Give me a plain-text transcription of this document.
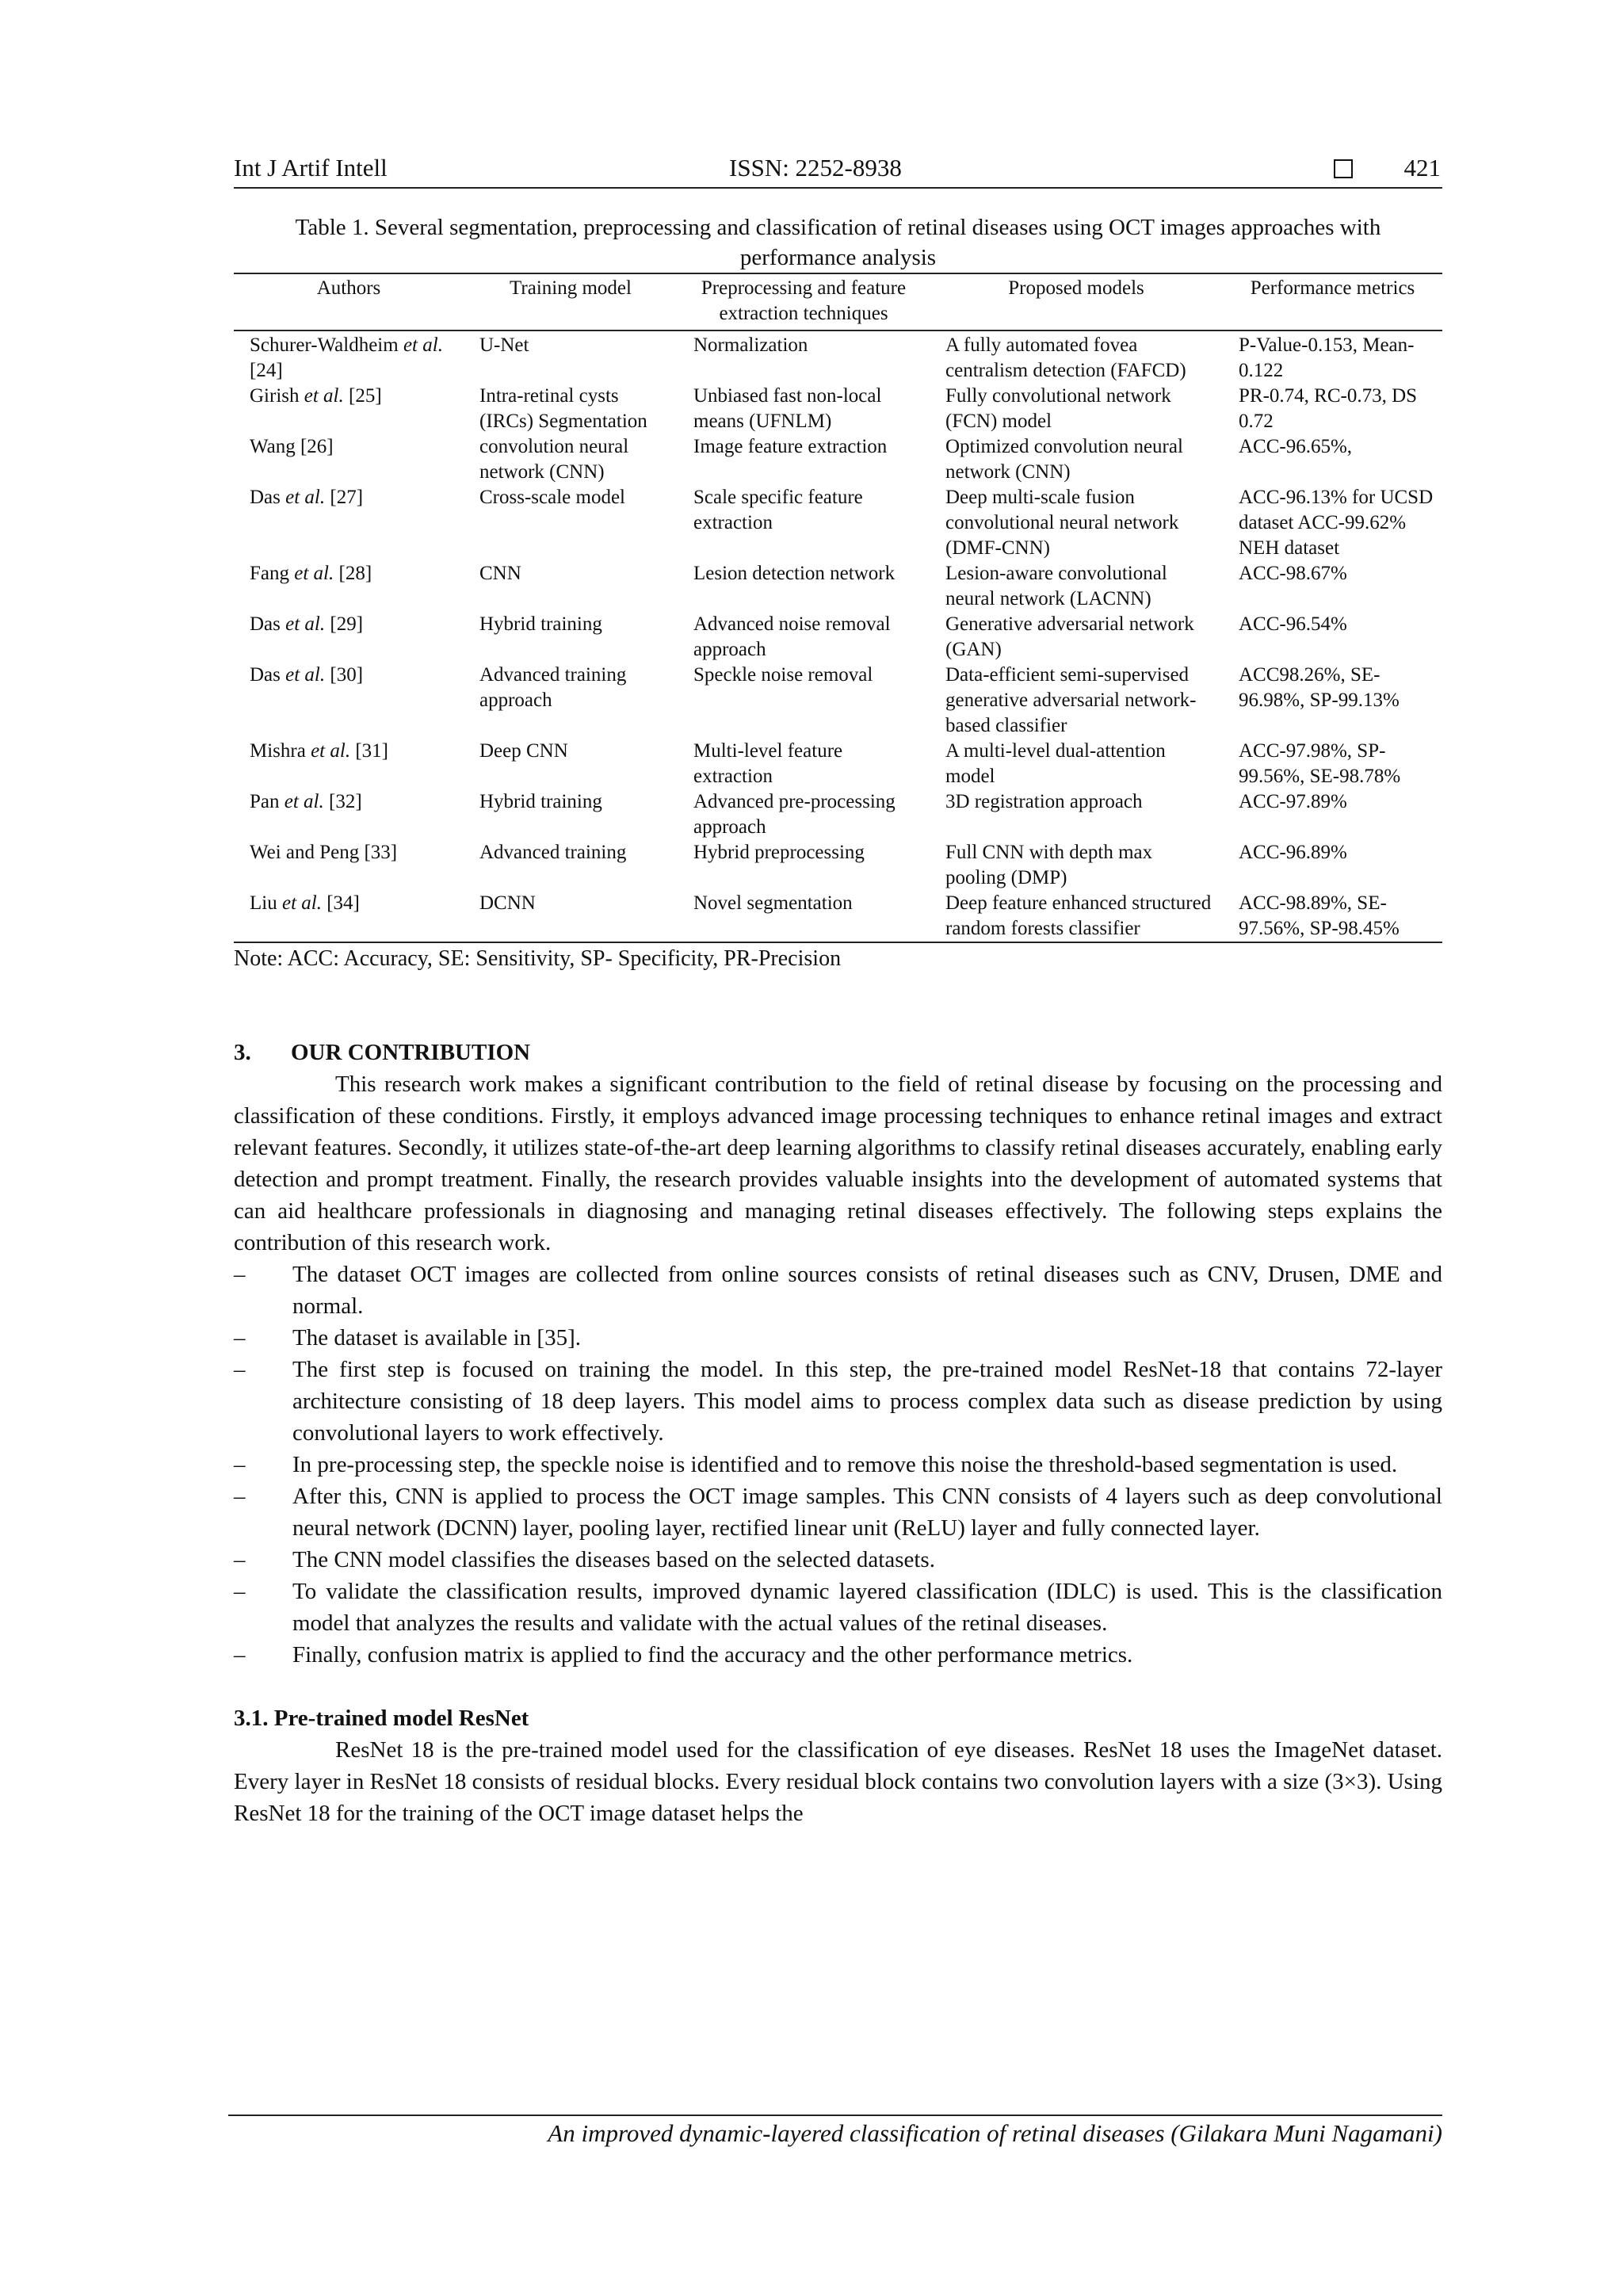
Int J Artif Intell	ISSN: 2252-8938	421
Table 1. Several segmentation, preprocessing and classification of retinal diseases using OCT images approaches with performance analysis
Authors	Training model	Preprocessing and feature extraction techniques	Proposed models	Performance metrics
Schurer-Waldheim et al. [24]	U-Net	Normalization	A fully automated fovea centralism detection (FAFCD)	P-Value-0.153, Mean-0.122
Girish et al. [25]	Intra-retinal cysts (IRCs) Segmentation	Unbiased fast non-local means (UFNLM)	Fully convolutional network (FCN) model	PR-0.74, RC-0.73, DS 0.72
Wang [26]	convolution neural network (CNN)	Image feature extraction	Optimized convolution neural network (CNN)	ACC-96.65%,
Das et al. [27]	Cross-scale model	Scale specific feature extraction	Deep multi-scale fusion convolutional neural network (DMF-CNN)	ACC-96.13% for UCSD dataset ACC-99.62% NEH dataset
Fang et al. [28]	CNN	Lesion detection network	Lesion-aware convolutional neural network (LACNN)	ACC-98.67%
Das et al. [29]	Hybrid training	Advanced noise removal approach	Generative adversarial network (GAN)	ACC-96.54%
Das et al. [30]	Advanced training approach	Speckle noise removal	Data-efficient semi-supervised generative adversarial network-based classifier	ACC98.26%, SE-96.98%, SP-99.13%
Mishra et al. [31]	Deep CNN	Multi-level feature extraction	A multi-level dual-attention model	ACC-97.98%, SP-99.56%, SE-98.78%
Pan et al. [32]	Hybrid training	Advanced pre-processing approach	3D registration approach	ACC-97.89%
Wei and Peng [33]	Advanced training	Hybrid preprocessing	Full CNN with depth max pooling (DMP)	ACC-96.89%
Liu et al. [34]	DCNN	Novel segmentation	Deep feature enhanced structured random forests classifier	ACC-98.89%, SE-97.56%, SP-98.45%
Note: ACC: Accuracy, SE: Sensitivity, SP- Specificity, PR-Precision
3. OUR CONTRIBUTION

This research work makes a significant contribution to the field of retinal disease by focusing on the processing and classification of these conditions. Firstly, it employs advanced image processing techniques to enhance retinal images and extract relevant features. Secondly, it utilizes state-of-the-art deep learning algorithms to classify retinal diseases accurately, enabling early detection and prompt treatment. Finally, the research provides valuable insights into the development of automated systems that can aid healthcare professionals in diagnosing and managing retinal diseases effectively. The following steps explains the contribution of this research work.

– The dataset OCT images are collected from online sources consists of retinal diseases such as CNV, Drusen, DME and normal.
– The dataset is available in [35].
– The first step is focused on training the model. In this step, the pre-trained model ResNet-18 that contains 72-layer architecture consisting of 18 deep layers. This model aims to process complex data such as disease prediction by using convolutional layers to work effectively.
– In pre-processing step, the speckle noise is identified and to remove this noise the threshold-based segmentation is used.
– After this, CNN is applied to process the OCT image samples. This CNN consists of 4 layers such as deep convolutional neural network (DCNN) layer, pooling layer, rectified linear unit (ReLU) layer and fully connected layer.
– The CNN model classifies the diseases based on the selected datasets.
– To validate the classification results, improved dynamic layered classification (IDLC) is used. This is the classification model that analyzes the results and validate with the actual values of the retinal diseases.
– Finally, confusion matrix is applied to find the accuracy and the other performance metrics.
3.1. Pre-trained model ResNet

ResNet 18 is the pre-trained model used for the classification of eye diseases. ResNet 18 uses the ImageNet dataset. Every layer in ResNet 18 consists of residual blocks. Every residual block contains two convolution layers with a size (3×3). Using ResNet 18 for the training of the OCT image dataset helps the

An improved dynamic-layered classification of retinal diseases (Gilakara Muni Nagamani)
